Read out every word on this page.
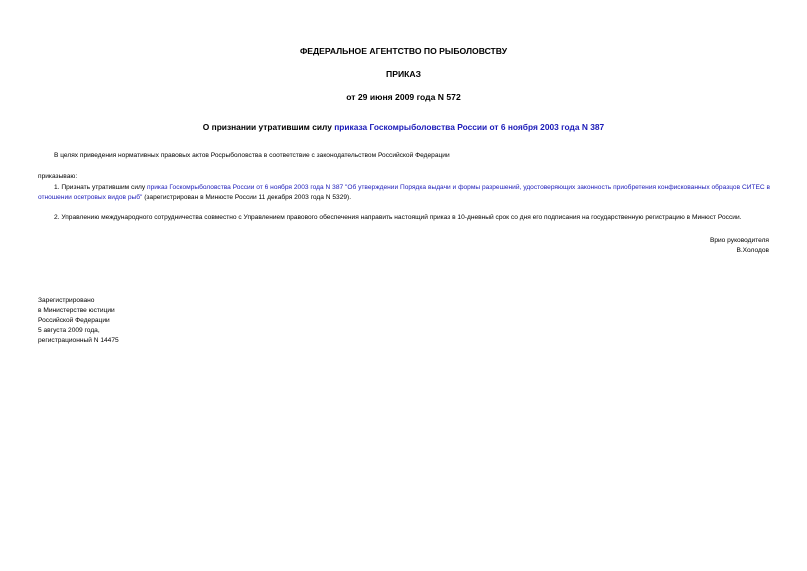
ФЕДЕРАЛЬНОЕ АГЕНТСТВО ПО РЫБОЛОВСТВУ
ПРИКАЗ
от 29 июня 2009 года N 572
О признании утратившим силу приказа Госкомрыболовства России от 6 ноября 2003 года N 387
В целях приведения нормативных правовых актов Росрыболовства в соответствие с законодательством Российской Федерации
приказываю:
1. Признать утратившим силу приказ Госкомрыболовства России от 6 ноября 2003 года N 387 "Об утверждении Порядка выдачи и формы разрешений, удостоверяющих законность приобретения конфискованных образцов СИТЕС в отношении осетровых видов рыб" (зарегистрирован в Минюсте России 11 декабря 2003 года N 5329).
2. Управлению международного сотрудничества совместно с Управлением правового обеспечения направить настоящий приказ в 10-дневный срок со дня его подписания на государственную регистрацию в Минюст России.
Врио руководителя
В.Холодов
Зарегистрировано
в Министерстве юстиции
Российской Федерации
5 августа 2009 года,
регистрационный N 14475
